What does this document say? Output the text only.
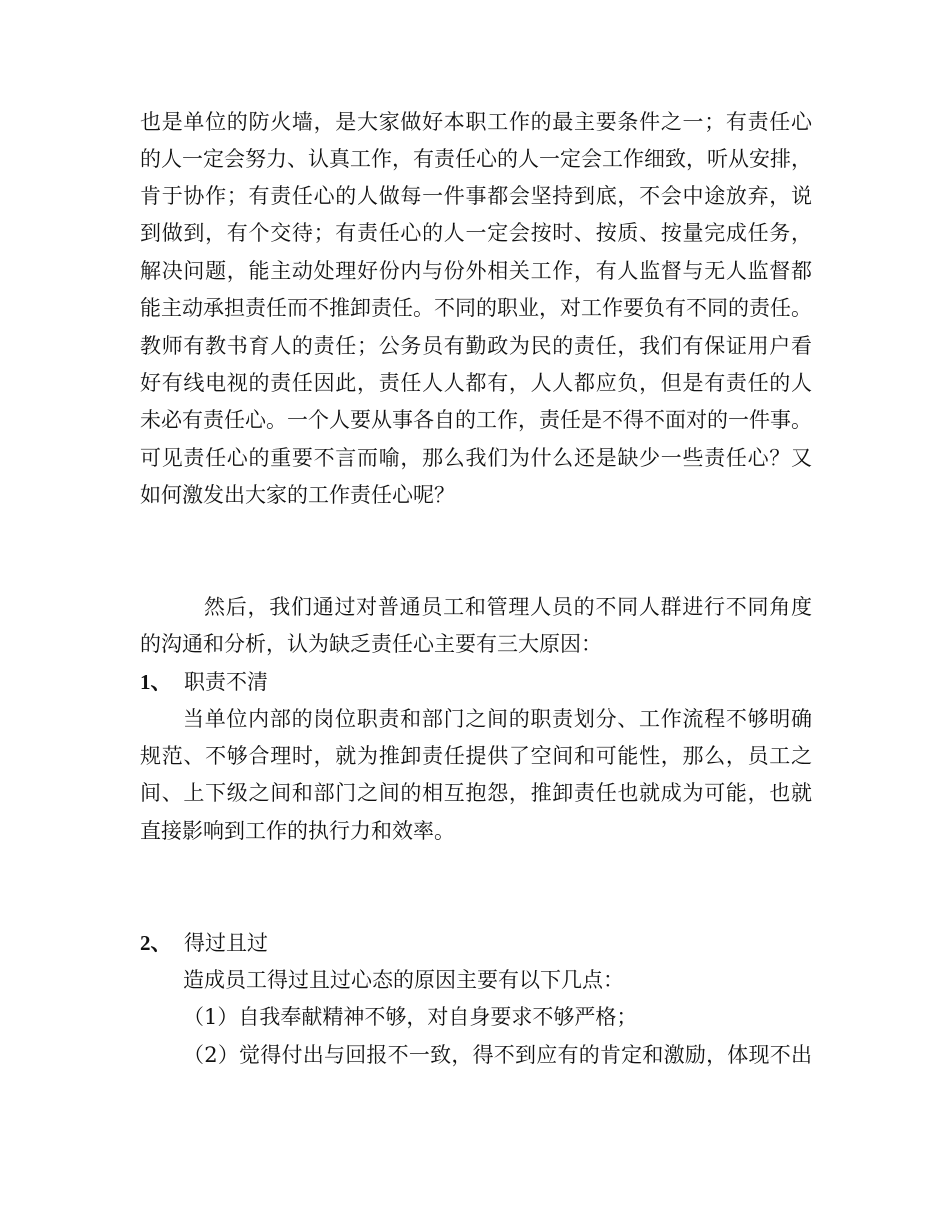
也是单位的防火墙，是大家做好本职工作的最主要条件之一；有责任心
的人一定会努力、认真工作，有责任心的人一定会工作细致，听从安排，
肯于协作；有责任心的人做每一件事都会坚持到底，不会中途放弃，说
到做到，有个交待；有责任心的人一定会按时、按质、按量完成任务，
解决问题，能主动处理好份内与份外相关工作，有人监督与无人监督都
能主动承担责任而不推卸责任。不同的职业，对工作要负有不同的责任。
教师有教书育人的责任；公务员有勤政为民的责任，我们有保证用户看
好有线电视的责任因此，责任人人都有，人人都应负，但是有责任的人
未必有责任心。一个人要从事各自的工作，责任是不得不面对的一件事。
可见责任心的重要不言而喻，那么我们为什么还是缺少一些责任心？又
如何激发出大家的工作责任心呢？
然后，我们通过对普通员工和管理人员的不同人群进行不同角度
的沟通和分析，认为缺乏责任心主要有三大原因：
1、 职责不清
当单位内部的岗位职责和部门之间的职责划分、工作流程不够明确
规范、不够合理时，就为推卸责任提供了空间和可能性，那么，员工之
间、上下级之间和部门之间的相互抱怨，推卸责任也就成为可能，也就
直接影响到工作的执行力和效率。
2、 得过且过
造成员工得过且过心态的原因主要有以下几点：
（1）自我奉献精神不够，对自身要求不够严格；
（2）觉得付出与回报不一致，得不到应有的肯定和激励，体现不出
